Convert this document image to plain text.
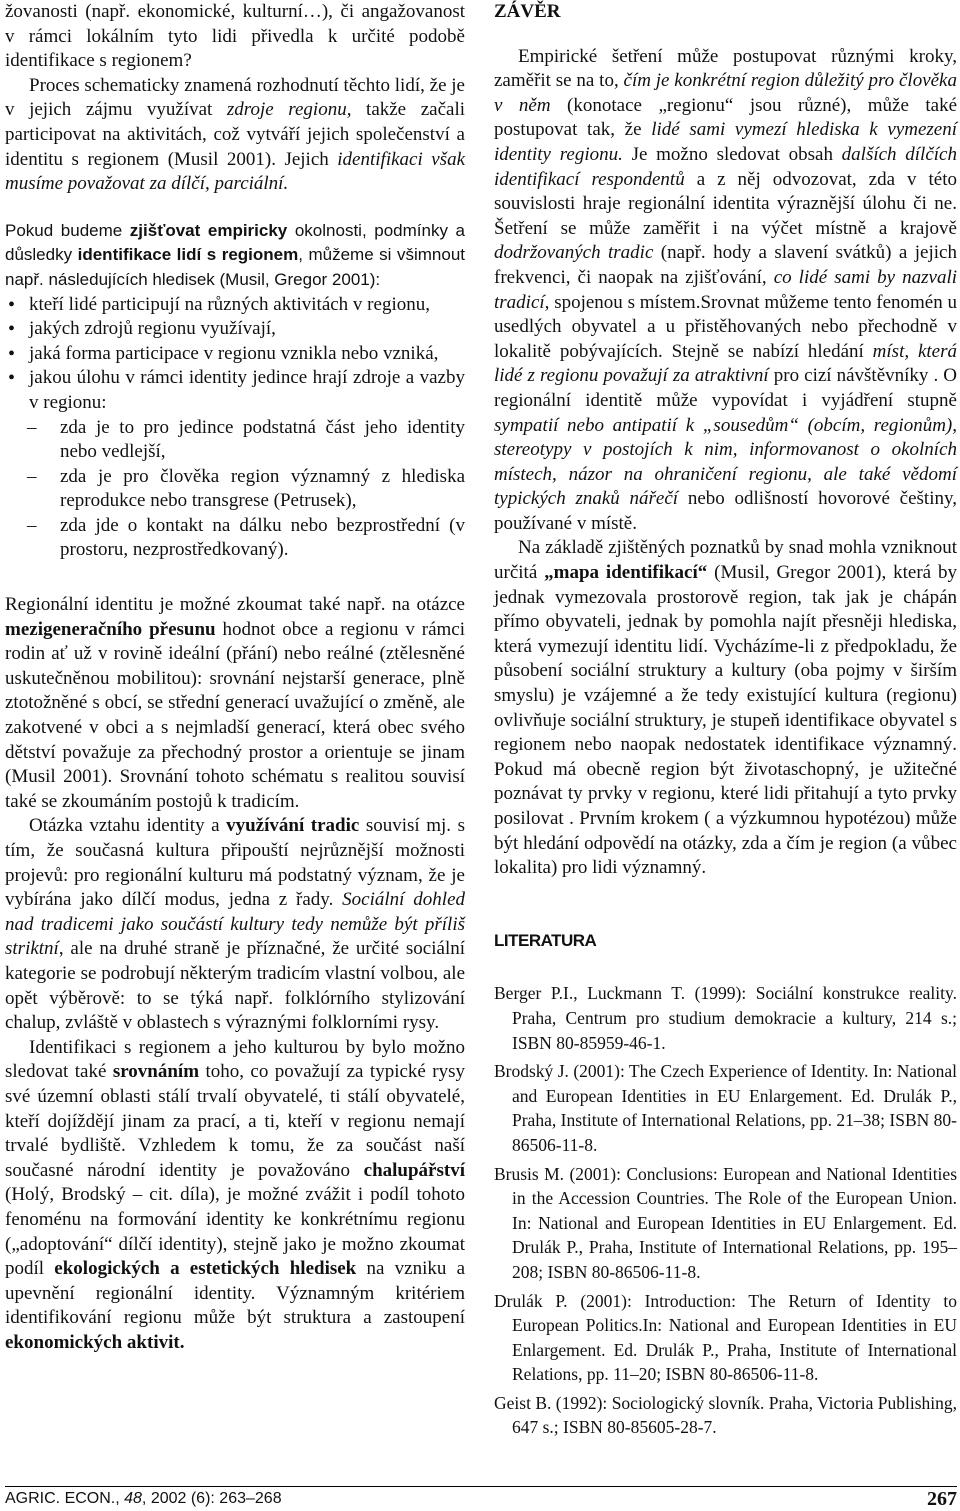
žovanosti (např. ekonomické, kulturní…), či angažovanost v rámci lokálním tyto lidi přivedla k určité podobě identifikace s regionem?

Proces schematicky znamená rozhodnutí těchto lidí, že je v jejich zájmu využívat zdroje regionu, takže začali participovat na aktivitách, což vytváří jejich společenství a identitu s regionem (Musil 2001). Jejich identifikaci však musíme považovat za dílčí, parciální.

Pokud budeme zjišťovat empiricky okolnosti, podmínky a důsledky identifikace lidí s regionem, můžeme si všimnout např. následujících hledisek (Musil, Gregor 2001):

• kteří lidé participují na různých aktivitách v regionu,
• jakých zdrojů regionu využívají,
• jaká forma participace v regionu vznikla nebo vzniká,
• jakou úlohu v rámci identity jedince hrají zdroje a vazby v regionu:
– zda je to pro jedince podstatná část jeho identity nebo vedlejší,
– zda je pro člověka region významný z hlediska reprodukce nebo transgrese (Petrusek),
– zda jde o kontakt na dálku nebo bezprostřední (v prostoru, nezprostředkovaný).

Regionální identitu je možné zkoumat také např. na otázce mezigeneračního přesunu hodnot obce a regionu v rámci rodin ať už v rovině ideální (přání) nebo reálné (ztělesněné uskutečněnou mobilitou): srovnání nejstarší generace, plně ztotožněné s obcí, se střední generací uvažující o změně, ale zakotvené v obci a s nejmladší generací, která obec svého dětství považuje za přechodný prostor a orientuje se jinam (Musil 2001). Srovnání tohoto schématu s realitou souvisí také se zkoumáním postojů k tradicím.

Otázka vztahu identity a využívání tradic souvisí mj. s tím, že současná kultura připouští nejrůznější možnosti projevů: pro regionální kulturu má podstatný význam, že je vybírána jako dílčí modus, jedna z řady. Sociální dohled nad tradicemi jako součástí kultury tedy nemůže být příliš striktní, ale na druhé straně je příznačné, že určité sociální kategorie se podrobují některým tradicím vlastní volbou, ale opět výběrově: to se týká např. folklórního stylizování chalup, zvláště v oblastech s výraznými folklorními rysy.

Identifikaci s regionem a jeho kulturou by bylo možno sledovat také srovnáním toho, co považují za typické rysy své územní oblasti stálí trvalí obyvatelé, ti stálí obyvatelé, kteří dojíždějí jinam za prací, a ti, kteří v regionu nemají trvalé bydliště. Vzhledem k tomu, že za součást naší současné národní identity je považováno chalupářství (Holý, Brodský – cit. díla), je možné zvážit i podíl tohoto fenoménu na formování identity ke konkrétnímu regionu („adoptování“ dílčí identity), stejně jako je možno zkoumat podíl ekologických a estetických hledisek na vzniku a upevnění regionální identity. Významným kritériem identifikování regionu může být struktura a zastoupení ekonomických aktivit.

ZÁVĚR

Empirické šetření může postupovat různými kroky, zaměřit se na to, čím je konkrétní region důležitý pro člověka v něm (konotace „regionu“ jsou různé), může také postupovat tak, že lidé sami vymezí hlediska k vymezení identity regionu. Je možno sledovat obsah dalších dílčích identifikací respondentů a z něj odvozovat, zda v této souvislosti hraje regionální identita výraznější úlohu či ne. Šetření se může zaměřit i na výčet místně a krajově dodržovaných tradic (např. hody a slavení svátků) a jejich frekvenci, či naopak na zjišťování, co lidé sami by nazvali tradicí, spojenou s místem.Srovnat můžeme tento fenomén u usedlých obyvatel a u přistěhovaných nebo přechodně v lokalitě pobývajících. Stejně se nabízí hledání míst, která lidé z regionu považují za atraktivní pro cizí návštěvníky . O regionální identitě může vypovídat i vyjádření stupně sympatií nebo antipatií k „sousedům“ (obcím, regionům), stereotypy v postojích k nim, informovanost o okolních místech, názor na ohraničení regionu, ale také vědomí typických znaků nářečí nebo odlišností hovorové češtiny, používané v místě.

Na základě zjištěných poznatků by snad mohla vzniknout určitá „mapa identifikací“ (Musil, Gregor 2001), která by jednak vymezovala prostorově region, tak jak je chápán přímo obyvateli, jednak by pomohla najít přesněji hlediska, která vymezují identitu lidí. Vycházíme-li z předpokladu, že působení sociální struktury a kultury (oba pojmy v širším smyslu) je vzájemné a že tedy existující kultura (regionu) ovlivňuje sociální struktury, je stupeň identifikace obyvatel s regionem nebo naopak nedostatek identifikace významný. Pokud má obecně region být životaschopný, je užitečné poznávat ty prvky v regionu, které lidi přitahují a tyto prvky posilovat . Prvním krokem ( a výzkumnou hypotézou) může být hledání odpovědí na otázky, zda a čím je region (a vůbec lokalita) pro lidi významný.

LITERATURA

Berger P.I., Luckmann T. (1999): Sociální konstrukce reality. Praha, Centrum pro studium demokracie a kultury, 214 s.; ISBN 80-85959-46-1.

Brodský J. (2001): The Czech Experience of Identity. In: National and European Identities in EU Enlargement. Ed. Drulák P., Praha, Institute of International Relations, pp. 21–38; ISBN 80-86506-11-8.

Brusis M. (2001): Conclusions: European and National Identities in the Accession Countries. The Role of the European Union. In: National and European Identities in EU Enlargement. Ed. Drulák P., Praha, Institute of International Relations, pp. 195–208; ISBN 80-86506-11-8.

Drulák P. (2001): Introduction: The Return of Identity to European Politics.In: National and European Identities in EU Enlargement. Ed. Drulák P., Praha, Institute of International Relations, pp. 11–20; ISBN 80-86506-11-8.

Geist B. (1992): Sociologický slovník. Praha, Victoria Publishing, 647 s.; ISBN 80-85605-28-7.

AGRIC. ECON., 48, 2002 (6): 263–268	267
